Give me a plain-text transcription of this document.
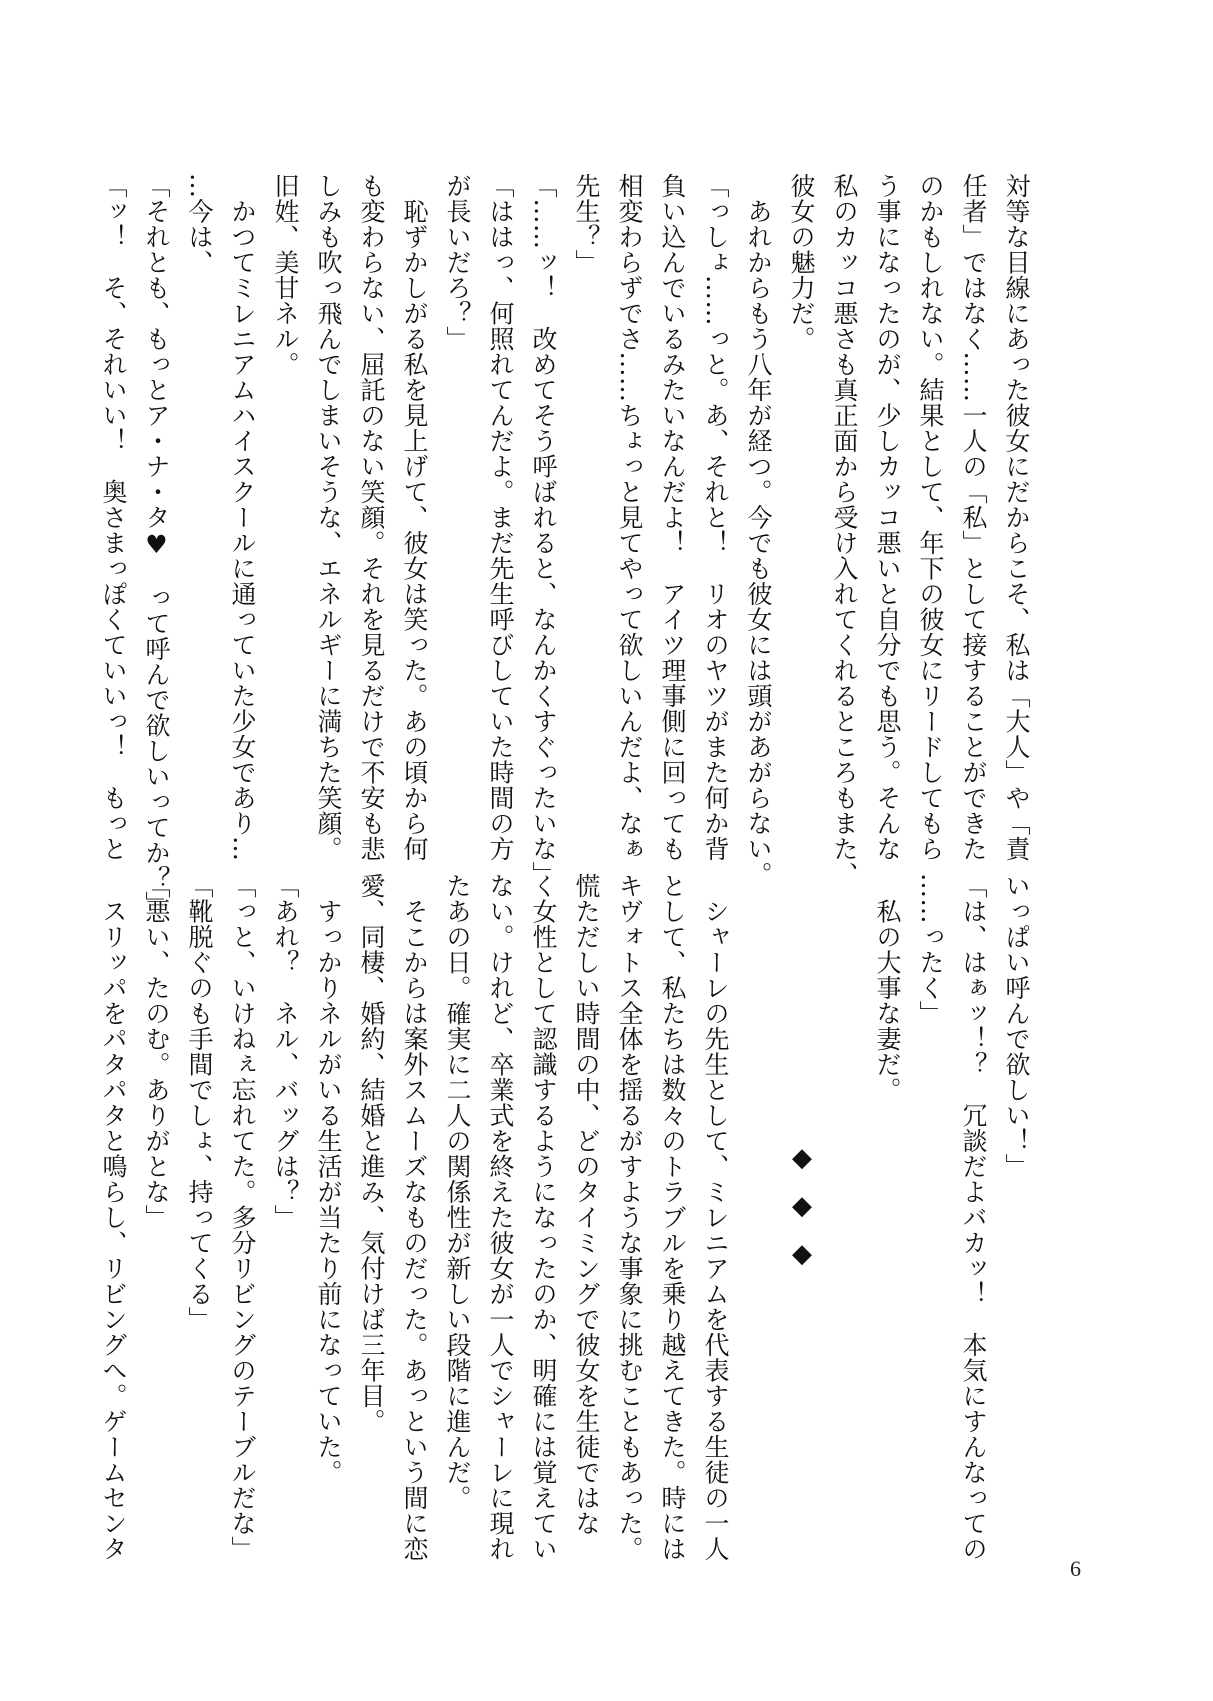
対等な目線にあった彼女にだからこそ、私は「大人」や「責
任者」ではなく……一人の「私」として接することができた
のかもしれない。結果として、年下の彼女にリードしてもら
う事になったのが、少しカッコ悪いと自分でも思う。そんな
私のカッコ悪さも真正面から受け入れてくれるところもまた、
彼女の魅力だ。
　あれからもう八年が経つ。今でも彼女には頭があがらない。
「っしょ……っと。あ、それと！　リオのヤツがまた何か背
負い込んでいるみたいなんだよ！　アイツ理事側に回っても
相変わらずでさ……ちょっと見てやって欲しいんだよ、なぁ
先生？」
「……ッ！　改めてそう呼ばれると、なんかくすぐったいな」
「ははっ、何照れてんだよ。まだ先生呼びしていた時間の方
が長いだろ？」
　恥ずかしがる私を見上げて、彼女は笑った。あの頃から何
も変わらない、屈託のない笑顔。それを見るだけで不安も悲
しみも吹っ飛んでしまいそうな、エネルギーに満ちた笑顔。
旧姓、美甘ネル。
　かつてミレニアムハイスクールに通っていた少女であり…
…今は、
「それとも、もっとア・ナ・タ♥　って呼んで欲しいってか？」
「ッ！　そ、それいい！　奥さまっぽくていいっ！　もっと
いっぱい呼んで欲しい！」
「は、はぁッ！？　冗談だよバカッ！　本気にすんなっての
……ったく」
　私の大事な妻だ。
◆◆◆
　シャーレの先生として、ミレニアムを代表する生徒の一人
として、私たちは数々のトラブルを乗り越えてきた。時には
キヴォトス全体を揺るがすような事象に挑むこともあった。
慌ただしい時間の中、どのタイミングで彼女を生徒ではな
く女性として認識するようになったのか、明確には覚えてい
ない。けれど、卒業式を終えた彼女が一人でシャーレに現れ
たあの日。確実に二人の関係性が新しい段階に進んだ。
　そこからは案外スムーズなものだった。あっという間に恋
愛、同棲、婚約、結婚と進み、気付けば三年目。
　すっかりネルがいる生活が当たり前になっていた。
「あれ？　ネル、バッグは？」
「っと、いけねぇ忘れてた。多分リビングのテーブルだな」
「靴脱ぐのも手間でしょ、持ってくる」
「悪い、たのむ。ありがとな」
　スリッパをパタパタと鳴らし、リビングへ。ゲームセンタ
6
